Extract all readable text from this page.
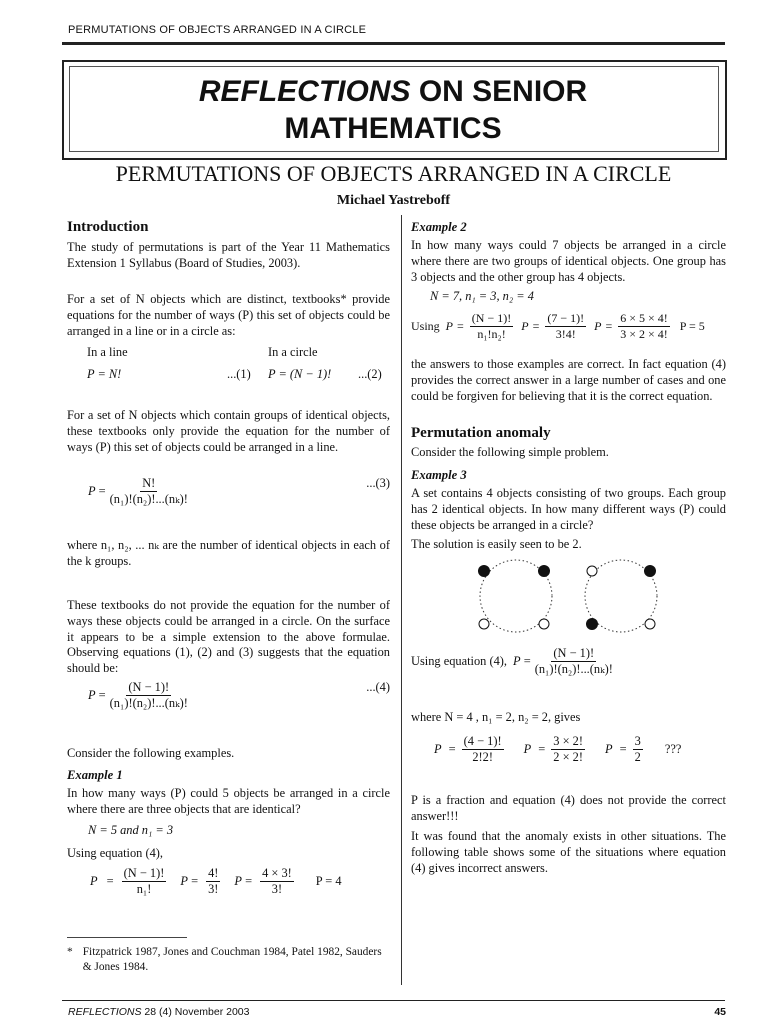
PERMUTATIONS OF OBJECTS ARRANGED IN A CIRCLE
REFLECTIONS ON SENIOR
MATHEMATICS
PERMUTATIONS OF OBJECTS ARRANGED IN A CIRCLE
Michael Yastreboff
Introduction

The study of permutations is part of the Year 11 Mathematics Extension 1 Syllabus (Board of Studies, 2003).

For a set of N objects which are distinct, textbooks* provide equations for the number of ways (P) this set of objects could be arranged in a line or in a circle as:

In a line	In a circle
P = N!	...(1) P = (N − 1)! ...(2)

For a set of N objects which contain groups of identical objects, these textbooks only provide the equation for the number of ways (P) this set of objects could be arranged in a line.

$P = \frac{N!}{\text{(n₁)!(n₂)!...(nₖ)!}}$	...(3)

where n₁, n₂, ... nₖ are the number of identical objects in each of the k groups.

These textbooks do not provide the equation for the number of ways these objects could be arranged in a circle. On the surface it appears to be a simple extension to the above formulae. Observing equations (1), (2) and (3) suggests that the equation should be:

$P = \frac{(N - 1)!}{\text{(n₁)!(n₂)!...(nₖ)!}}$	...(4)
Consider the following examples.
Example 1

In how many ways (P) could 5 objects be arranged in a circle where there are three objects that are identical?

N = 5 and n₁ = 3
Using equation (4),
$P = \frac{(N - 1)!}{\text{n₁!}}$ $P = \frac{4!}{3!}$ $P = \frac{4 \times 3!}{3!}$ P = 4
* Fitzpatrick 1987, Jones and Couchman 1984, Patel 1982, Sauders & Jones 1984.
Example 2

In how many ways could 7 objects be arranged in a circle where there are two groups of identical objects. One group has 3 objects and the other group has 4 objects.

N = 7, n₁ = 3, n₂ = 4
Using $P = \frac{(N - 1)!}{\text{n₁!n₂!}}$ $P = \frac{(7 - 1)!}{3!4!}$ $P = \frac{6 \times 5 \times 4!}{3 \times 2 \times 4!}$ P = 5

the answers to those examples are correct. In fact equation (4) provides the correct answer in a large number of cases and one could be forgiven for believing that it is the correct equation.

Permutation anomaly
Consider the following simple problem.
Example 3

A set contains 4 objects consisting of two groups. Each group has 2 identical objects. In how many different ways (P) could these objects be arranged in a circle?

The solution is easily seen to be 2.
Using equation (4), $P = \frac{(N - 1)!}{\text{(n₁)!(n₂)!...(nₖ)!}}$
where N = 4 , n₁ = 2, n₂ = 2, gives
$P = \frac{(4 - 1)!}{2!2!}$ $P = \frac{3 \times 2!}{2 \times 2!}$ $P = \frac{3}{2}$ ???

P is a fraction and equation (4) does not provide the correct answer!!!

It was found that the anomaly exists in other situations. The following table shows some of the situations where equation (4) gives incorrect answers.

REFLECTIONS 28 (4) November 2003	45
